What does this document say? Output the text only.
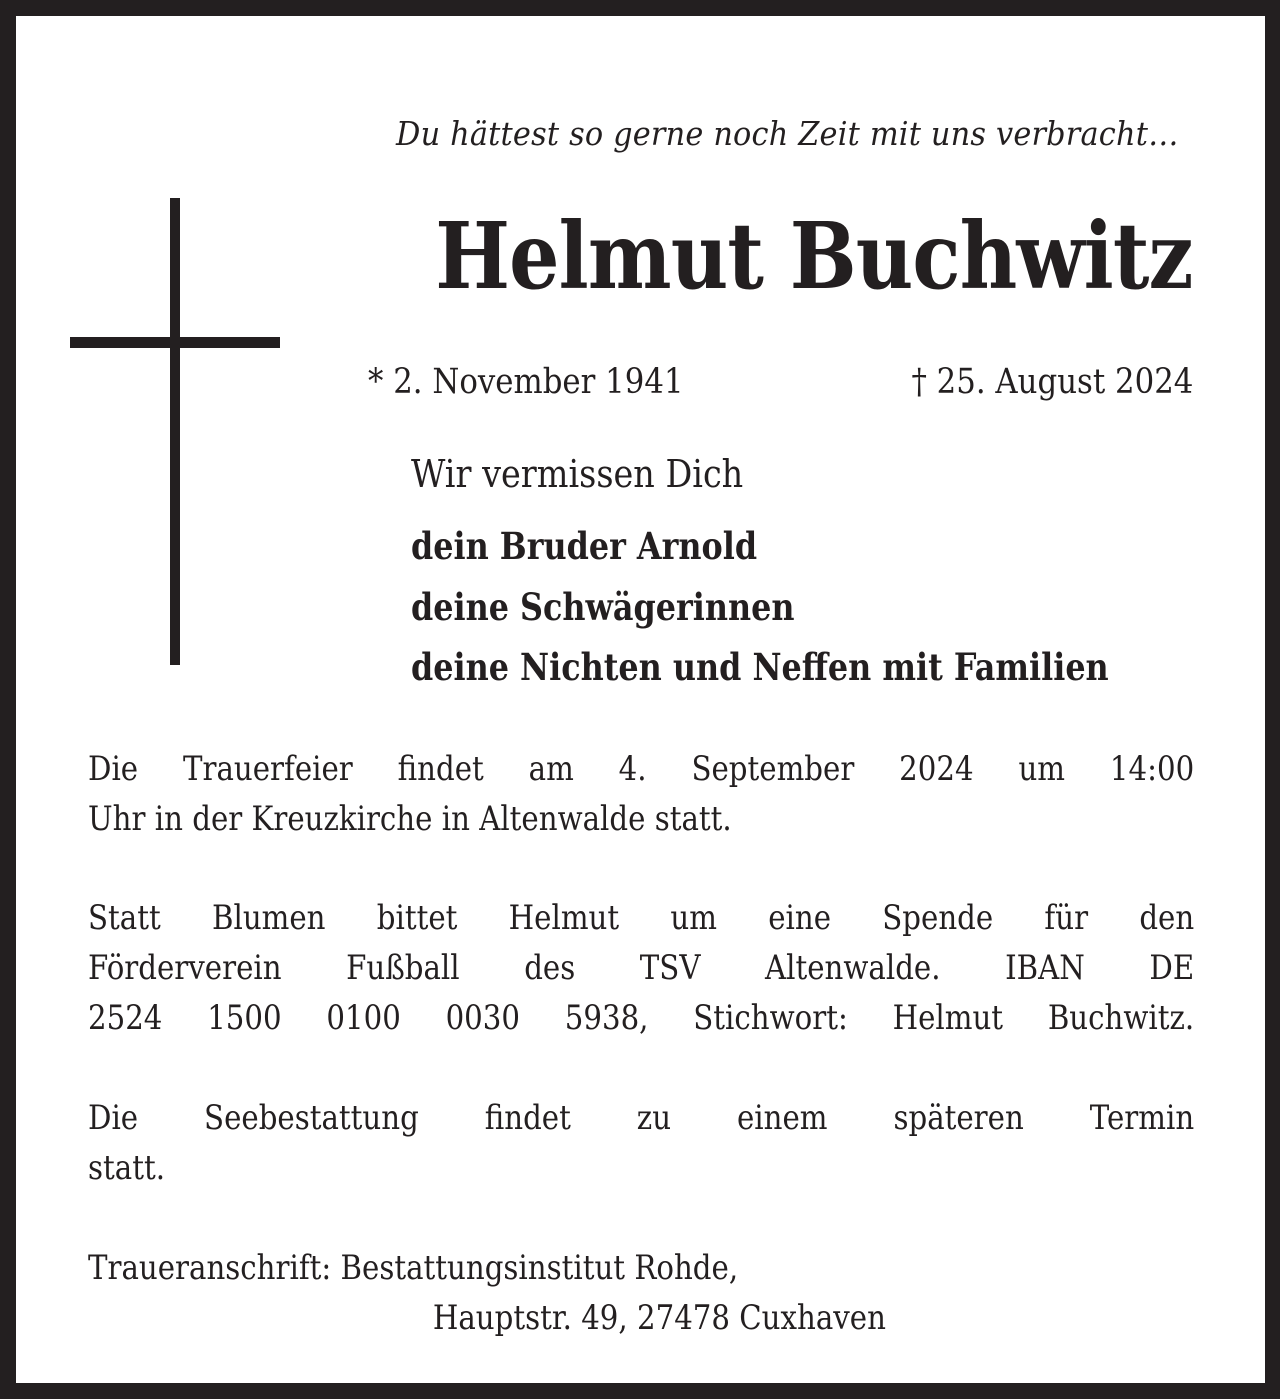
Du hättest so gerne noch Zeit mit uns verbracht…

Helmut Buchwitz
* 2. November 1941	† 25. August 2024

Wir vermissen Dich

dein Bruder Arnold

deine Schwägerinnen

deine Nichten und Neffen mit Familien

Die Trauerfeier findet am 4. September 2024 um 14:00
Uhr in der Kreuzkirche in Altenwalde statt.
Statt Blumen bittet Helmut um eine Spende für den
Förderverein Fußball des TSV Altenwalde. IBAN DE
2524 1500 0100 0030 5938, Stichwort: Helmut Buchwitz.
Die Seebestattung findet zu einem späteren Termin
statt.
Traueranschrift: Bestattungsinstitut Rohde,
Hauptstr. 49, 27478 Cuxhaven
